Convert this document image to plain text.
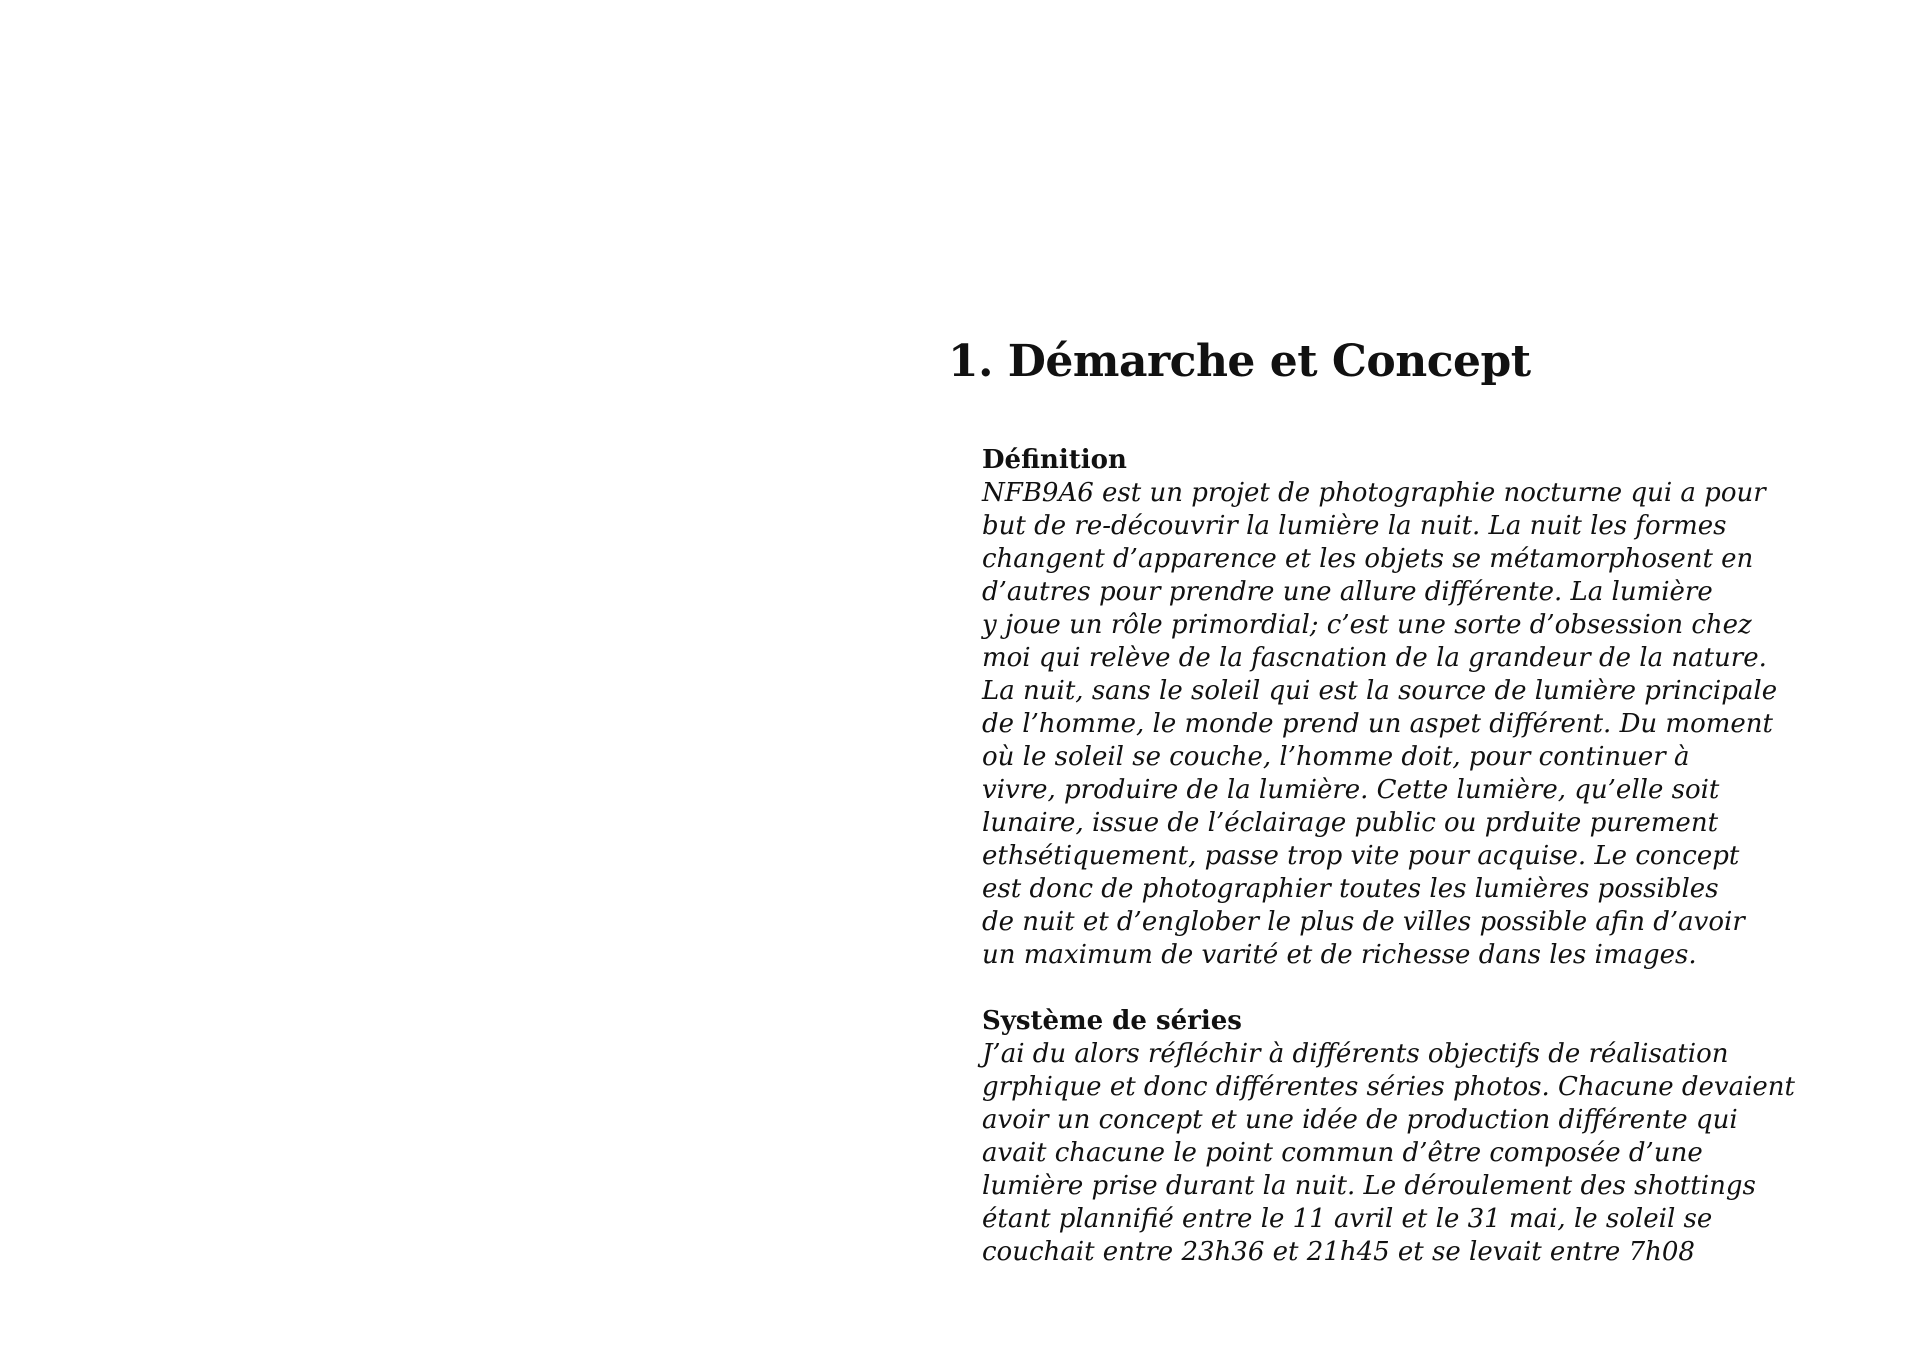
1. Démarche et Concept
Définition
NFB9A6 est un projet de photographie nocturne qui a pour
but de re-découvrir la lumière la nuit. La nuit les formes
changent d’apparence et les objets se métamorphosent en
d’autres pour prendre une allure différente. La lumière
y joue un rôle primordial; c’est une sorte d’obsession chez
moi qui relève de la fascnation de la grandeur de la nature.
La nuit, sans le soleil qui est la source de lumière principale
de l’homme, le monde prend un aspet différent. Du moment
où le soleil se couche, l’homme doit, pour continuer à
vivre, produire de la lumière. Cette lumière, qu’elle soit
lunaire, issue de l’éclairage public ou prduite purement
ethsétiquement, passe trop vite pour acquise. Le concept
est donc de photographier toutes les lumières possibles
de nuit et d’englober le plus de villes possible afin d’avoir
un maximum de varité et de richesse dans les images.
Système de séries
J’ai du alors réfléchir à différents objectifs de réalisation
grphique et donc différentes séries photos. Chacune devaient
avoir un concept et une idée de production différente qui
avait chacune le point commun d’être composée d’une
lumière prise durant la nuit. Le déroulement des shottings
étant plannifié entre le 11 avril et le 31 mai, le soleil se
couchait entre 23h36 et 21h45 et se levait entre 7h08
